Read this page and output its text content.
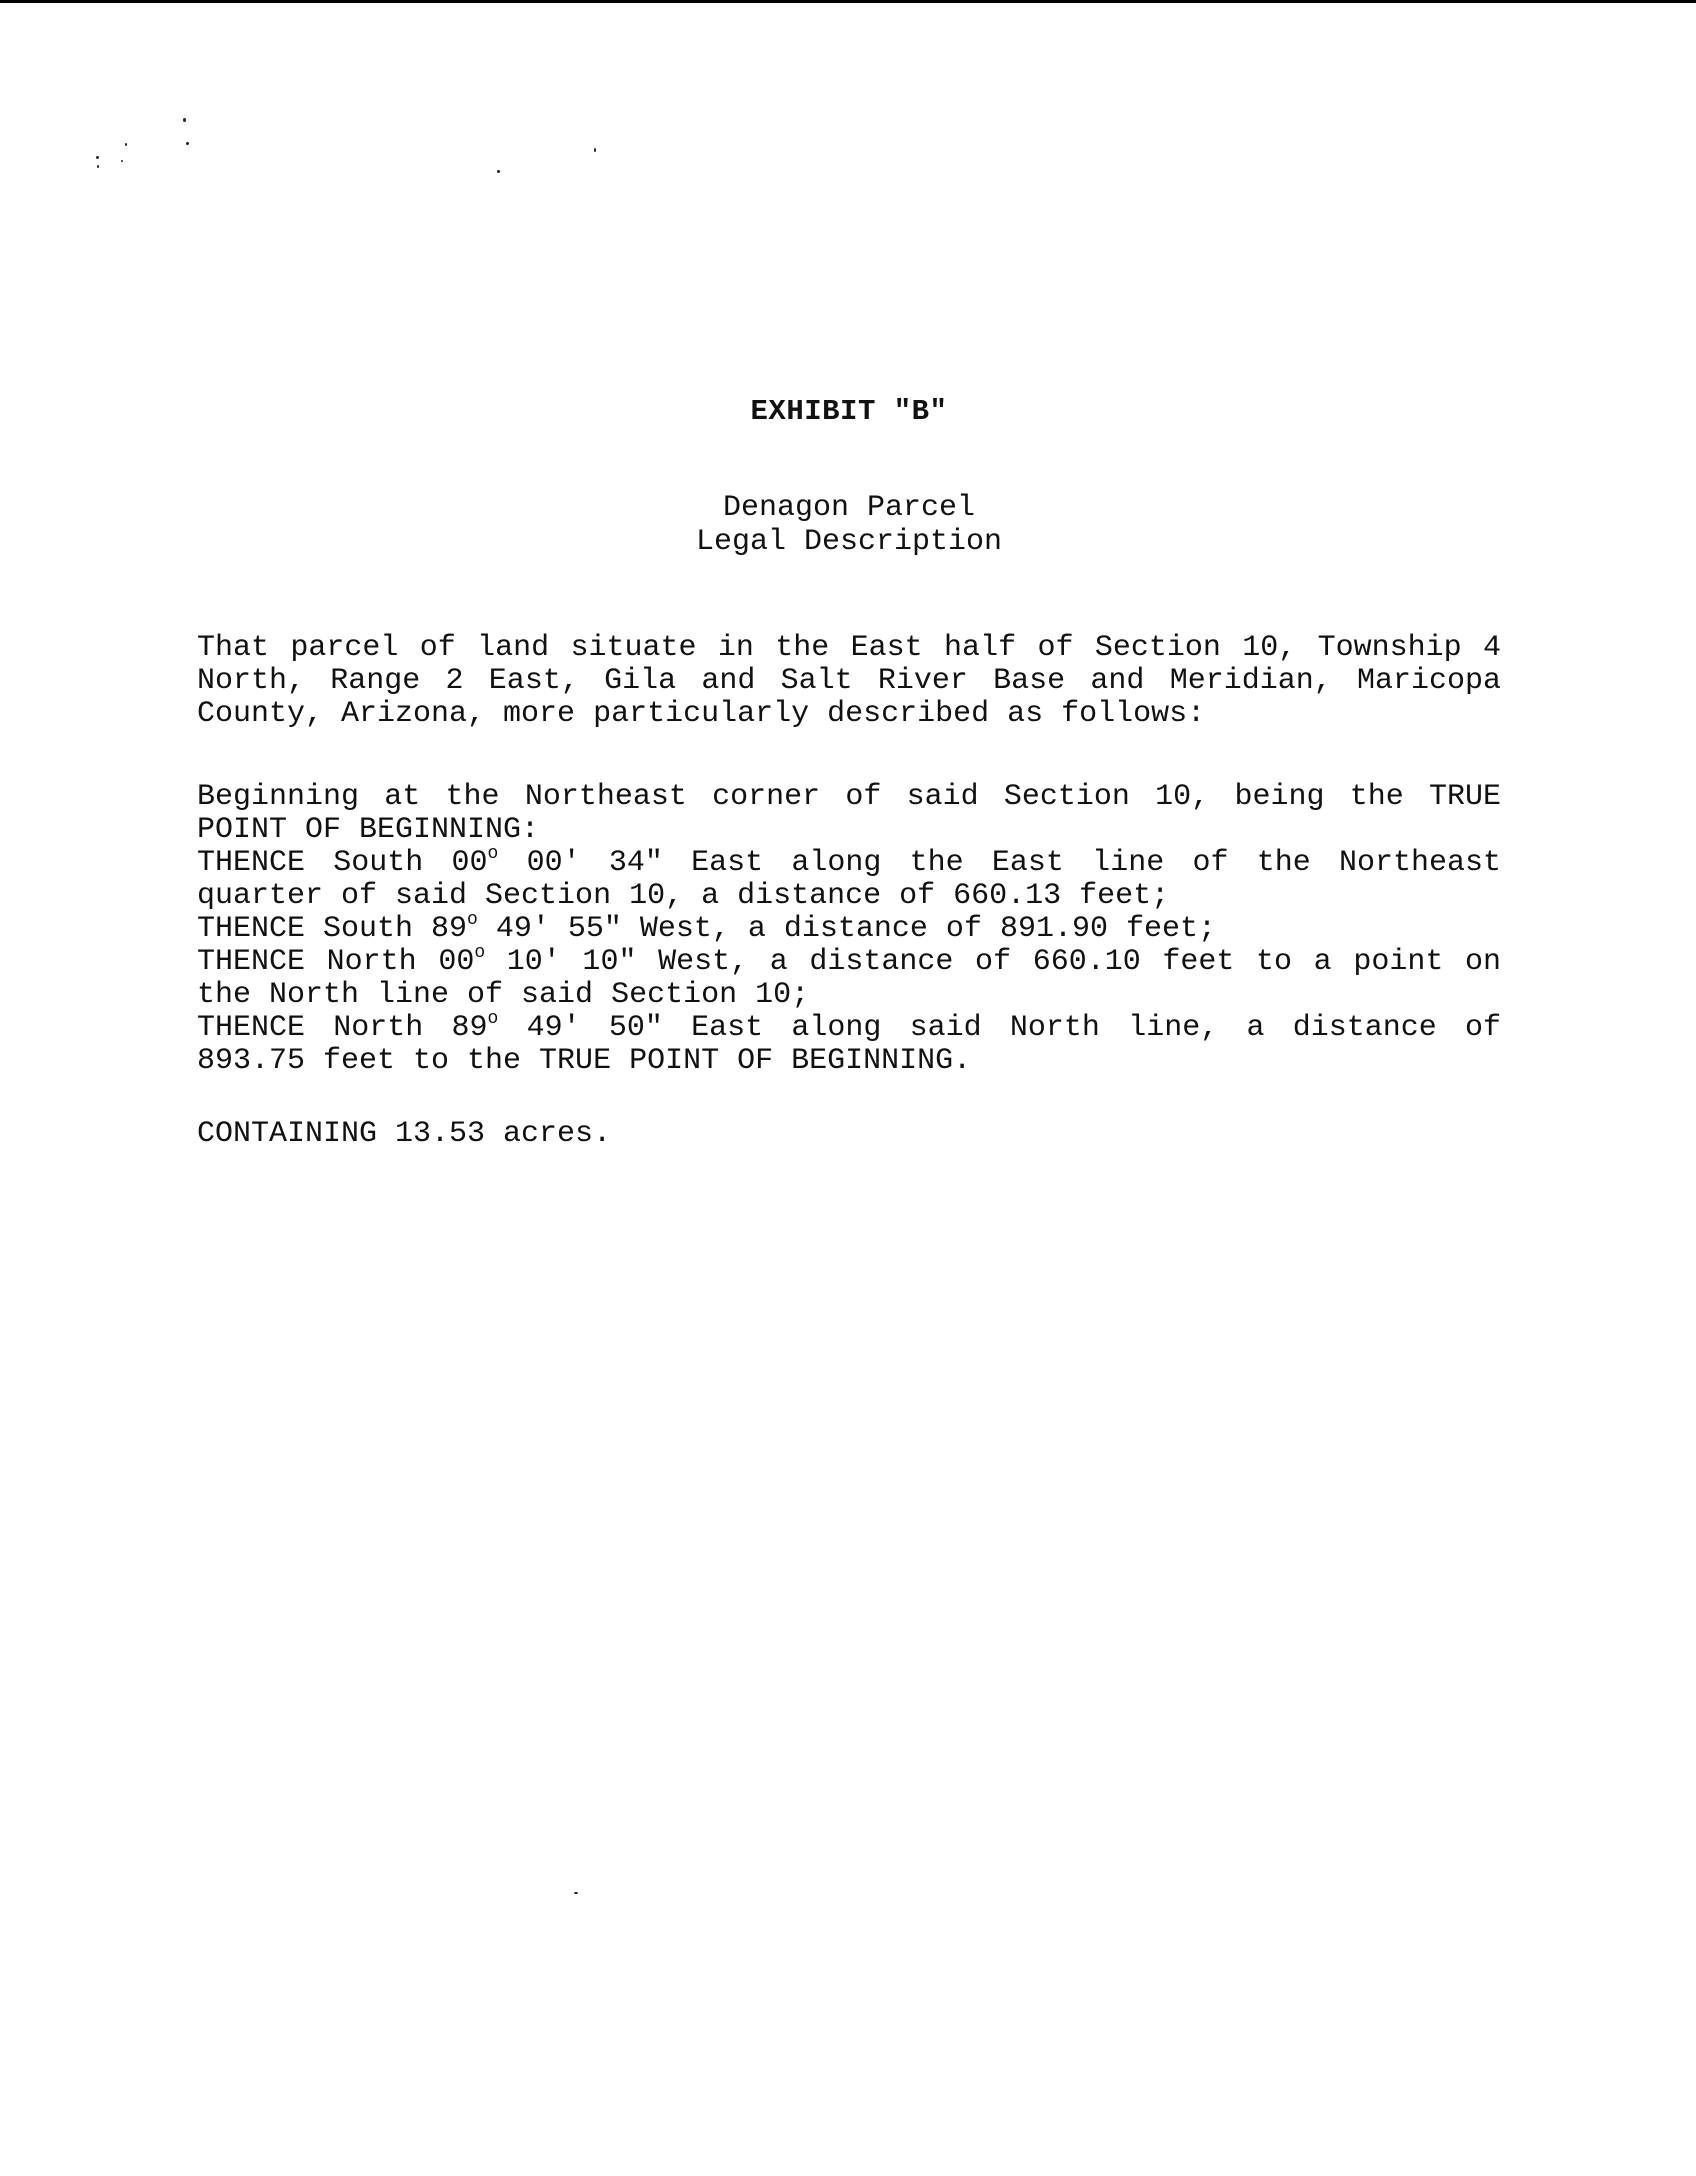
EXHIBIT "B"
Denagon Parcel
Legal Description

That parcel of land situate in the East half of Section 10, Township 4 North, Range 2 East, Gila and Salt River Base and Meridian, Maricopa County, Arizona, more particularly described as follows:

Beginning at the Northeast corner of said Section 10, being the TRUE POINT OF BEGINNING:

THENCE South 00$^o$ 00′ 34" East along the East line of the Northeast quarter of said Section 10, a distance of 660.13 feet;

THENCE South 89$^o$ 49′ 55" West, a distance of 891.90 feet;

THENCE North 00$^o$ 10′ 10" West, a distance of 660.10 feet to a point on the North line of said Section 10;

THENCE North 89$^o$ 49′ 50" East along said North line, a distance of 893.75 feet to the TRUE POINT OF BEGINNING.

CONTAINING 13.53 acres.
